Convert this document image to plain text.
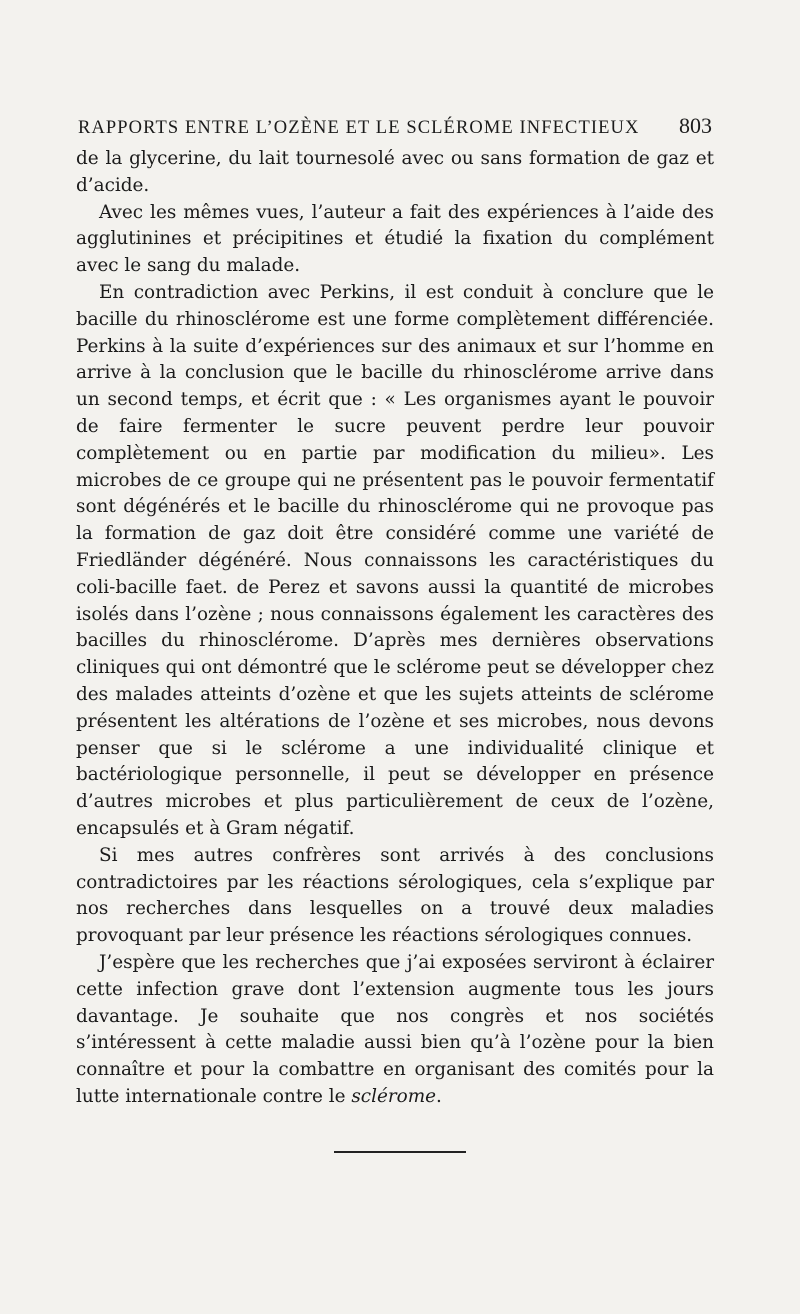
RAPPORTS ENTRE L’OZÈNE ET LE SCLÉROME INFECTIEUX 803

de la glycerine, du lait tournesolé avec ou sans formation de gaz et d’acide.

Avec les mêmes vues, l’auteur a fait des expériences à l’aide des agglutinines et précipitines et étudié la fixation du complément avec le sang du malade.

En contradiction avec Perkins, il est conduit à conclure que le bacille du rhinosclérome est une forme complètement différenciée. Perkins à la suite d’expériences sur des animaux et sur l’homme en arrive à la conclusion que le bacille du rhinosclérome arrive dans un second temps, et écrit que : « Les organismes ayant le pouvoir de faire fermenter le sucre peuvent perdre leur pouvoir complètement ou en partie par modification du milieu». Les microbes de ce groupe qui ne présentent pas le pouvoir fermentatif sont dégénérés et le bacille du rhinosclérome qui ne provoque pas la formation de gaz doit être considéré comme une variété de Friedländer dégénéré. Nous connaissons les caractéristiques du coli-bacille faet. de Perez et savons aussi la quantité de microbes isolés dans l’ozène ; nous connaissons également les caractères des bacilles du rhinosclérome. D’après mes dernières observations cliniques qui ont démontré que le sclérome peut se développer chez des malades atteints d’ozène et que les sujets atteints de sclérome présentent les altérations de l’ozène et ses microbes, nous devons penser que si le sclérome a une individualité clinique et bactériologique personnelle, il peut se développer en présence d’autres microbes et plus particulièrement de ceux de l’ozène, encapsulés et à Gram négatif.

Si mes autres confrères sont arrivés à des conclusions contradictoires par les réactions sérologiques, cela s’explique par nos recherches dans lesquelles on a trouvé deux maladies provoquant par leur présence les réactions sérologiques connues.

J’espère que les recherches que j’ai exposées serviront à éclairer cette infection grave dont l’extension augmente tous les jours davantage. Je souhaite que nos congrès et nos sociétés s’intéressent à cette maladie aussi bien qu’à l’ozène pour la bien connaître et pour la combattre en organisant des comités pour la lutte internationale contre le sclérome.
